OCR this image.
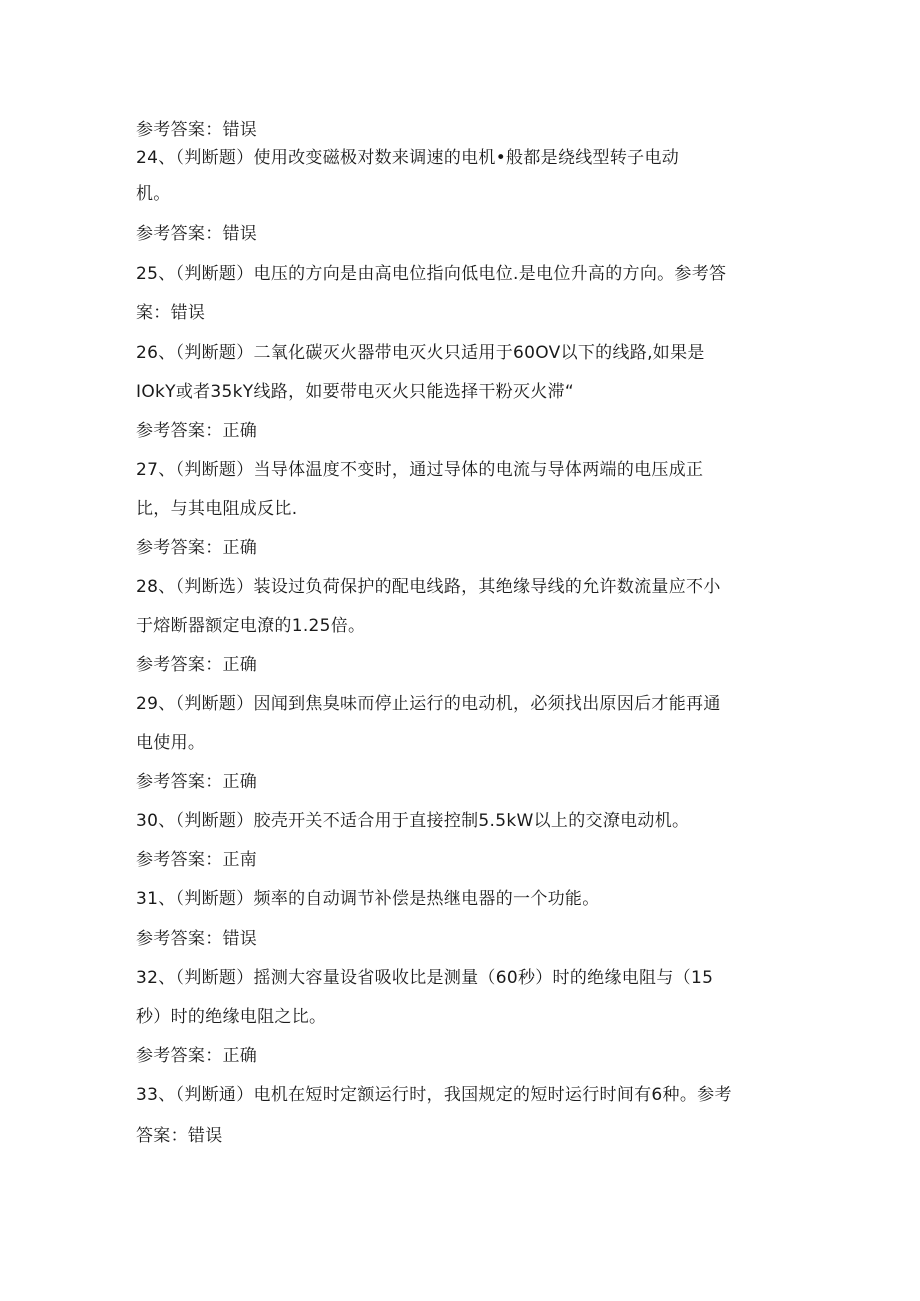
参考答案：错误
24、（判断题）使用改变磁极对数来调速的电机•般都是绕线型转子电动
机。
参考答案：错误
25、（判断题）电压的方向是由高电位指向低电位.是电位升高的方向。参考答
案：错误
26、（判断题）二氧化碳灭火器带电灭火只适用于60OV以下的线路,如果是
IOkY或者35kY线路，如要带电灭火只能选择干粉灭火滞“
参考答案：正确
27、（判断题）当导体温度不变时，通过导体的电流与导体两端的电压成正
比，与其电阻成反比.
参考答案：正确
28、（判断选）装设过负荷保护的配电线路，其绝缘导线的允许数流量应不小
于熔断器额定电潦的1.25倍。
参考答案：正确
29、（判断题）因闻到焦臭味而停止运行的电动机，必须找出原因后才能再通
电使用。
参考答案：正确
30、（判断题）胶壳开关不适合用于直接控制5.5kW以上的交潦电动机。
参考答案：正南
31、（判断题）频率的自动调节补偿是热继电器的一个功能。
参考答案：错误
32、（判断题）摇测大容量设省吸收比是测量（60秒）时的绝缘电阻与（15
秒）时的绝缘电阻之比。
参考答案：正确
33、（判断通）电机在短时定额运行时，我国规定的短时运行时间有6种。参考
答案：错误
